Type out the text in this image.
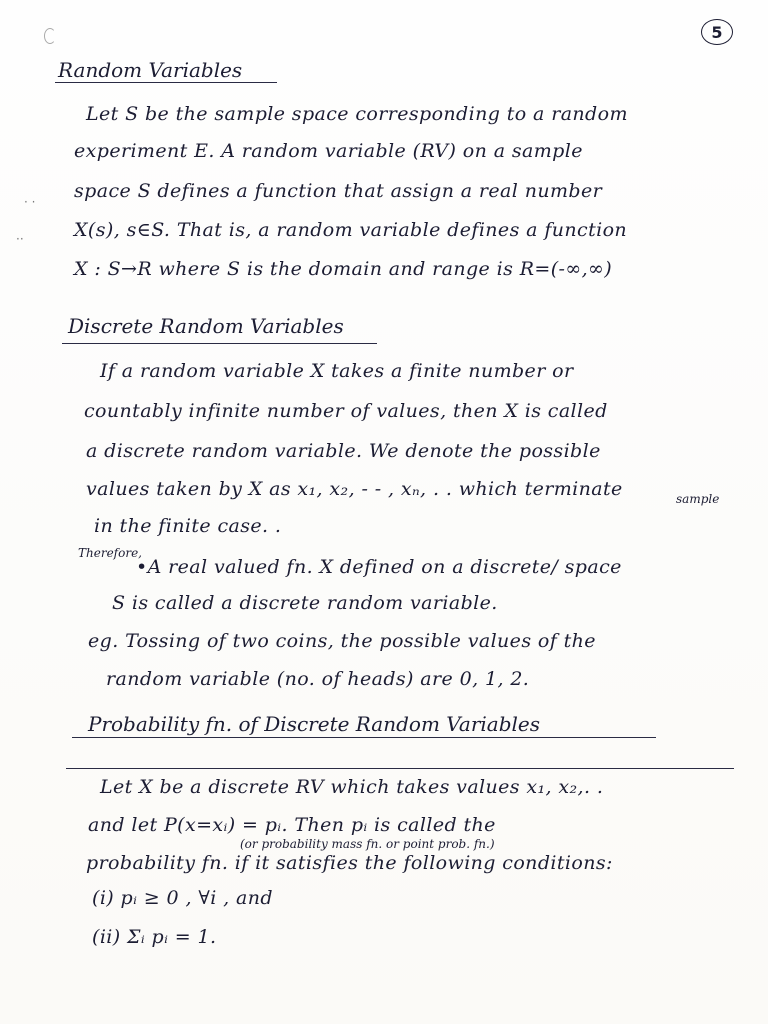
5
Random Variables
Let S be the sample space corresponding to a random
experiment E. A random variable (RV) on a sample
space S defines a function that assign a real number
X(s), s∈S. That is, a random variable defines a function
X : S→R where S is the domain and range is R=(-∞,∞)
· ·
··
Discrete Random Variables
If a random variable X takes a finite number or
countably infinite number of values, then X is called
a discrete random variable. We denote the possible
values taken by X as x₁, x₂, - - , xₙ, . . which terminate
in the finite case. .
Therefore,
sample
•A real valued fn. X defined on a discrete/ space
S is called a discrete random variable.
eg. Tossing of two coins, the possible values of the
random variable (no. of heads) are 0, 1, 2.
Probability fn. of Discrete Random Variables
Let X be a discrete RV which takes values x₁, x₂,. .
and let P(x=xᵢ) = pᵢ. Then pᵢ is called the
(or probability mass fn. or point prob. fn.)
probability fn. if it satisfies the following conditions:
(i) pᵢ ≥ 0 , ∀i , and
(ii) Σᵢ pᵢ = 1.
